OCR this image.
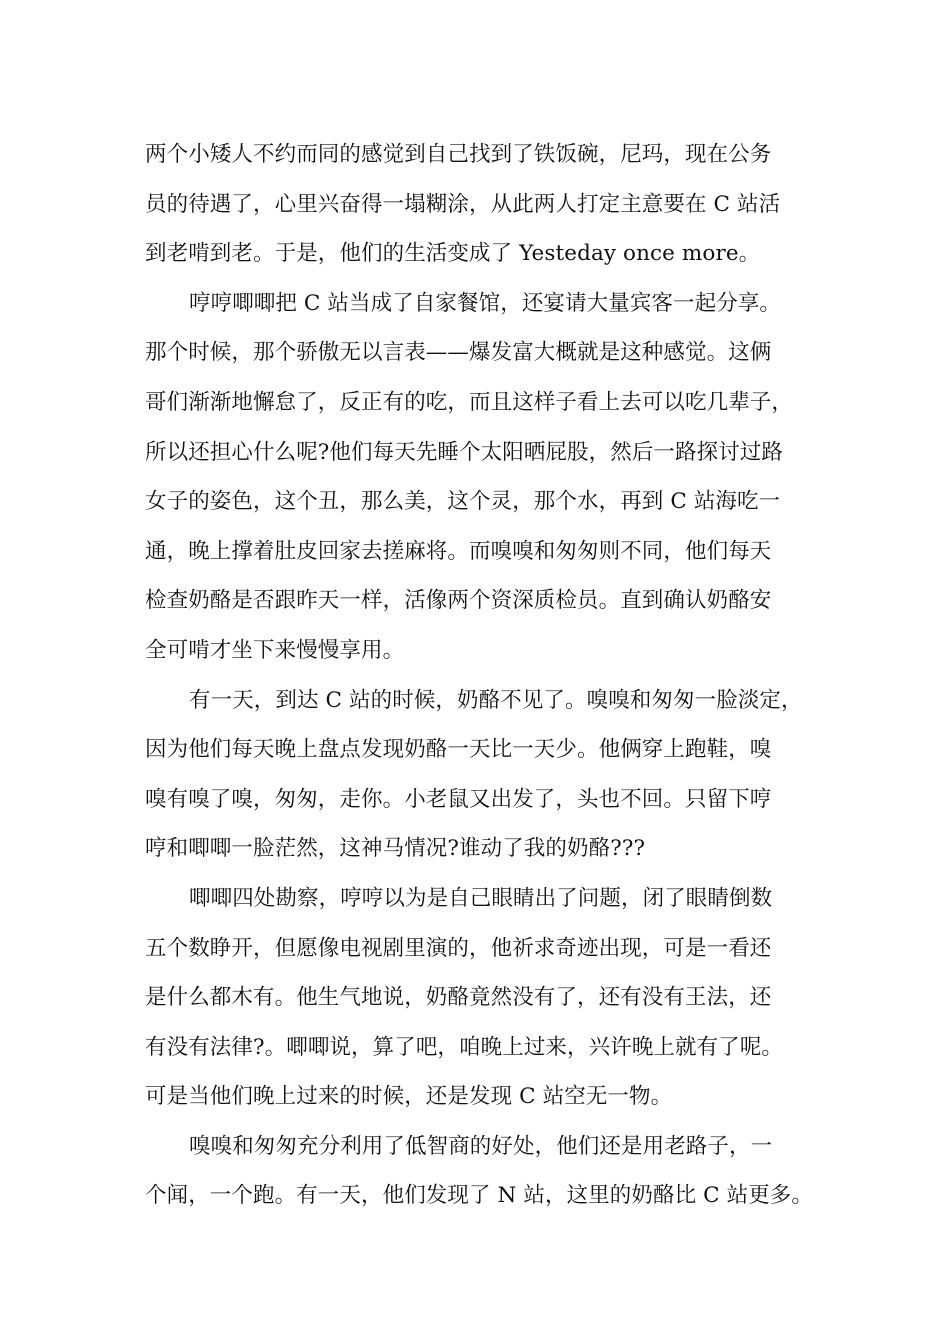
两个小矮人不约而同的感觉到自己找到了铁饭碗，尼玛，现在公务
员的待遇了，心里兴奋得一塌糊涂，从此两人打定主意要在 C 站活
到老啃到老。于是，他们的生活变成了 Yesteday once more。
哼哼唧唧把 C 站当成了自家餐馆，还宴请大量宾客一起分享。
那个时候，那个骄傲无以言表——爆发富大概就是这种感觉。这俩
哥们渐渐地懈怠了，反正有的吃，而且这样子看上去可以吃几辈子，
所以还担心什么呢?他们每天先睡个太阳晒屁股，然后一路探讨过路
女子的姿色，这个丑，那么美，这个灵，那个水，再到 C 站海吃一
通，晚上撑着肚皮回家去搓麻将。而嗅嗅和匆匆则不同，他们每天
检查奶酪是否跟昨天一样，活像两个资深质检员。直到确认奶酪安
全可啃才坐下来慢慢享用。
有一天，到达 C 站的时候，奶酪不见了。嗅嗅和匆匆一脸淡定，
因为他们每天晚上盘点发现奶酪一天比一天少。他俩穿上跑鞋，嗅
嗅有嗅了嗅，匆匆，走你。小老鼠又出发了，头也不回。只留下哼
哼和唧唧一脸茫然，这神马情况?谁动了我的奶酪???
唧唧四处勘察，哼哼以为是自己眼睛出了问题，闭了眼睛倒数
五个数睁开，但愿像电视剧里演的，他祈求奇迹出现，可是一看还
是什么都木有。他生气地说，奶酪竟然没有了，还有没有王法，还
有没有法律?。唧唧说，算了吧，咱晚上过来，兴许晚上就有了呢。
可是当他们晚上过来的时候，还是发现 C 站空无一物。
嗅嗅和匆匆充分利用了低智商的好处，他们还是用老路子，一
个闻，一个跑。有一天，他们发现了 N 站，这里的奶酪比 C 站更多。
